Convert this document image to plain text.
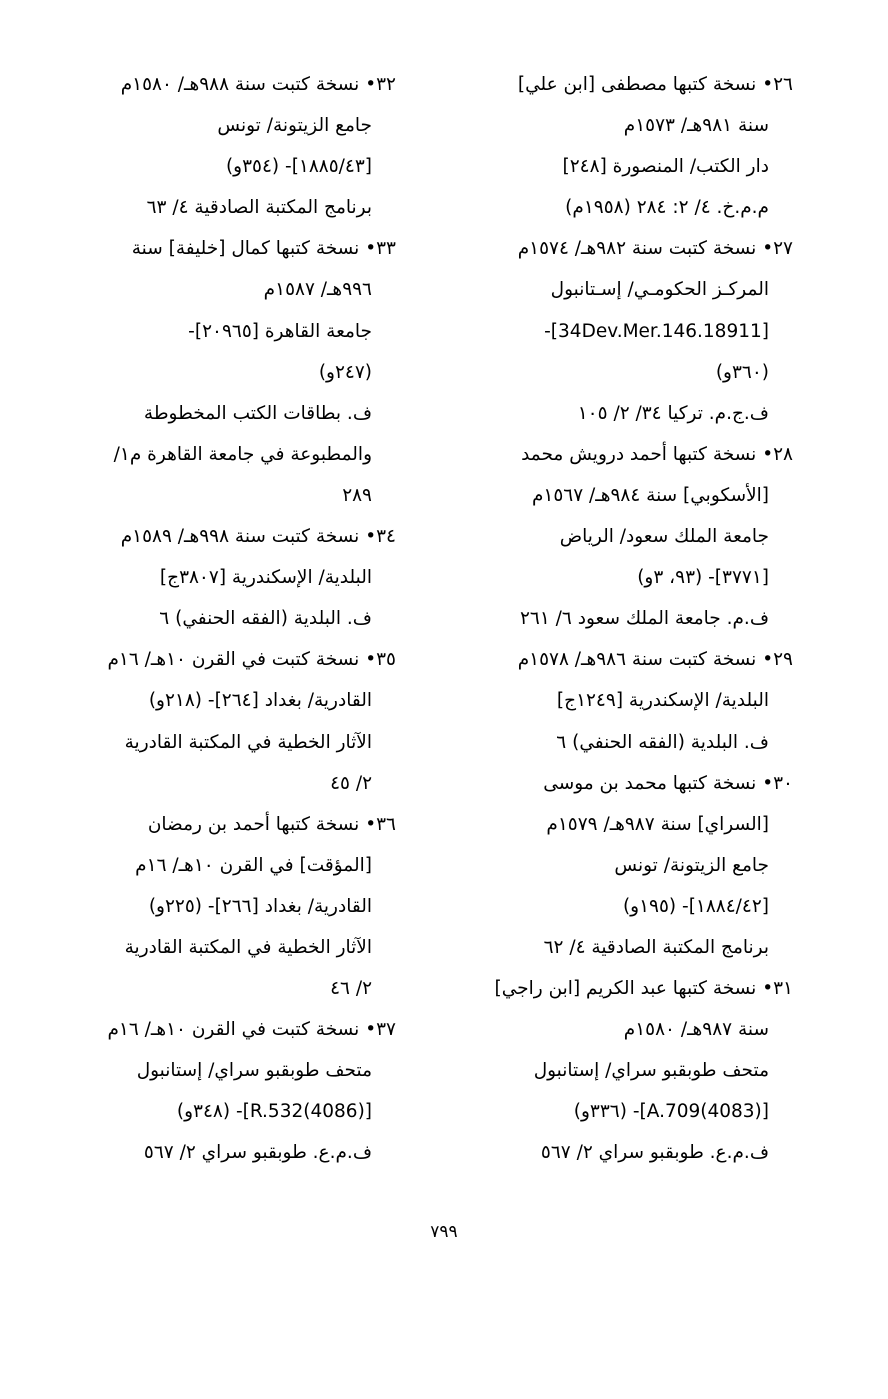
٢٦• نسخة كتبها مصطفى [ابن علي]
سنة ٩٨١هـ/ ١٥٧٣م
دار الكتب/ المنصورة [٢٤٨]
م.م.خ. ٤/ ٢: ٢٨٤ (١٩٥٨م)
٢٧• نسخة كتبت سنة ٩٨٢هـ/ ١٥٧٤م
المركـز الحكومـي/ إسـتانبول
[34Dev.Mer.146.18911]-
(٣٦٠و)
ف.ج.م. تركيا ٣٤/ ٢/ ١٠٥
٢٨• نسخة كتبها أحمد درويش محمد
[الأسكوبي] سنة ٩٨٤هـ/ ١٥٦٧م
جامعة الملك سعود/ الرياض
[٣٧٧١]- (٩٣، ٣و)
ف.م. جامعة الملك سعود ٦/ ٢٦١
٢٩• نسخة كتبت سنة ٩٨٦هـ/ ١٥٧٨م
البلدية/ الإسكندرية [١٢٤٩ج]
ف. البلدية (الفقه الحنفي) ٦
٣٠• نسخة كتبها محمد بن موسى
[السراي] سنة ٩٨٧هـ/ ١٥٧٩م
جامع الزيتونة/ تونس
[١٨٨٤/٤٢]- (١٩٥و)
برنامج المكتبة الصادقية ٤/ ٦٢
٣١• نسخة كتبها عبد الكريم [ابن راجي]
سنة ٩٨٧هـ/ ١٥٨٠م
متحف طوبقبو سراي/ إستانبول
[A.709(4083)]- (٣٣٦و)
ف.م.ع. طوبقبو سراي ٢/ ٥٦٧
٣٢• نسخة كتبت سنة ٩٨٨هـ/ ١٥٨٠م
جامع الزيتونة/ تونس
[١٨٨٥/٤٣]- (٣٥٤و)
برنامج المكتبة الصادقية ٤/ ٦٣
٣٣• نسخة كتبها كمال [خليفة] سنة
٩٩٦هـ/ ١٥٨٧م
جامعة القاهرة [٢٠٩٦٥]-
(٢٤٧و)
ف. بطاقات الكتب المخطوطة
والمطبوعة في جامعة القاهرة م١/
٢٨٩
٣٤• نسخة كتبت سنة ٩٩٨هـ/ ١٥٨٩م
البلدية/ الإسكندرية [٣٨٠٧ج]
ف. البلدية (الفقه الحنفي) ٦
٣٥• نسخة كتبت في القرن ١٠هـ/ ١٦م
القادرية/ بغداد [٢٦٤]- (٢١٨و)
الآثار الخطية في المكتبة القادرية
٢/ ٤٥
٣٦• نسخة كتبها أحمد بن رمضان
[المؤقت] في القرن ١٠هـ/ ١٦م
القادرية/ بغداد [٢٦٦]- (٢٢٥و)
الآثار الخطية في المكتبة القادرية
٢/ ٤٦
٣٧• نسخة كتبت في القرن ١٠هـ/ ١٦م
متحف طوبقبو سراي/ إستانبول
[(4086)R.532]- (٣٤٨و)
ف.م.ع. طوبقبو سراي ٢/ ٥٦٧
٧٩٩
